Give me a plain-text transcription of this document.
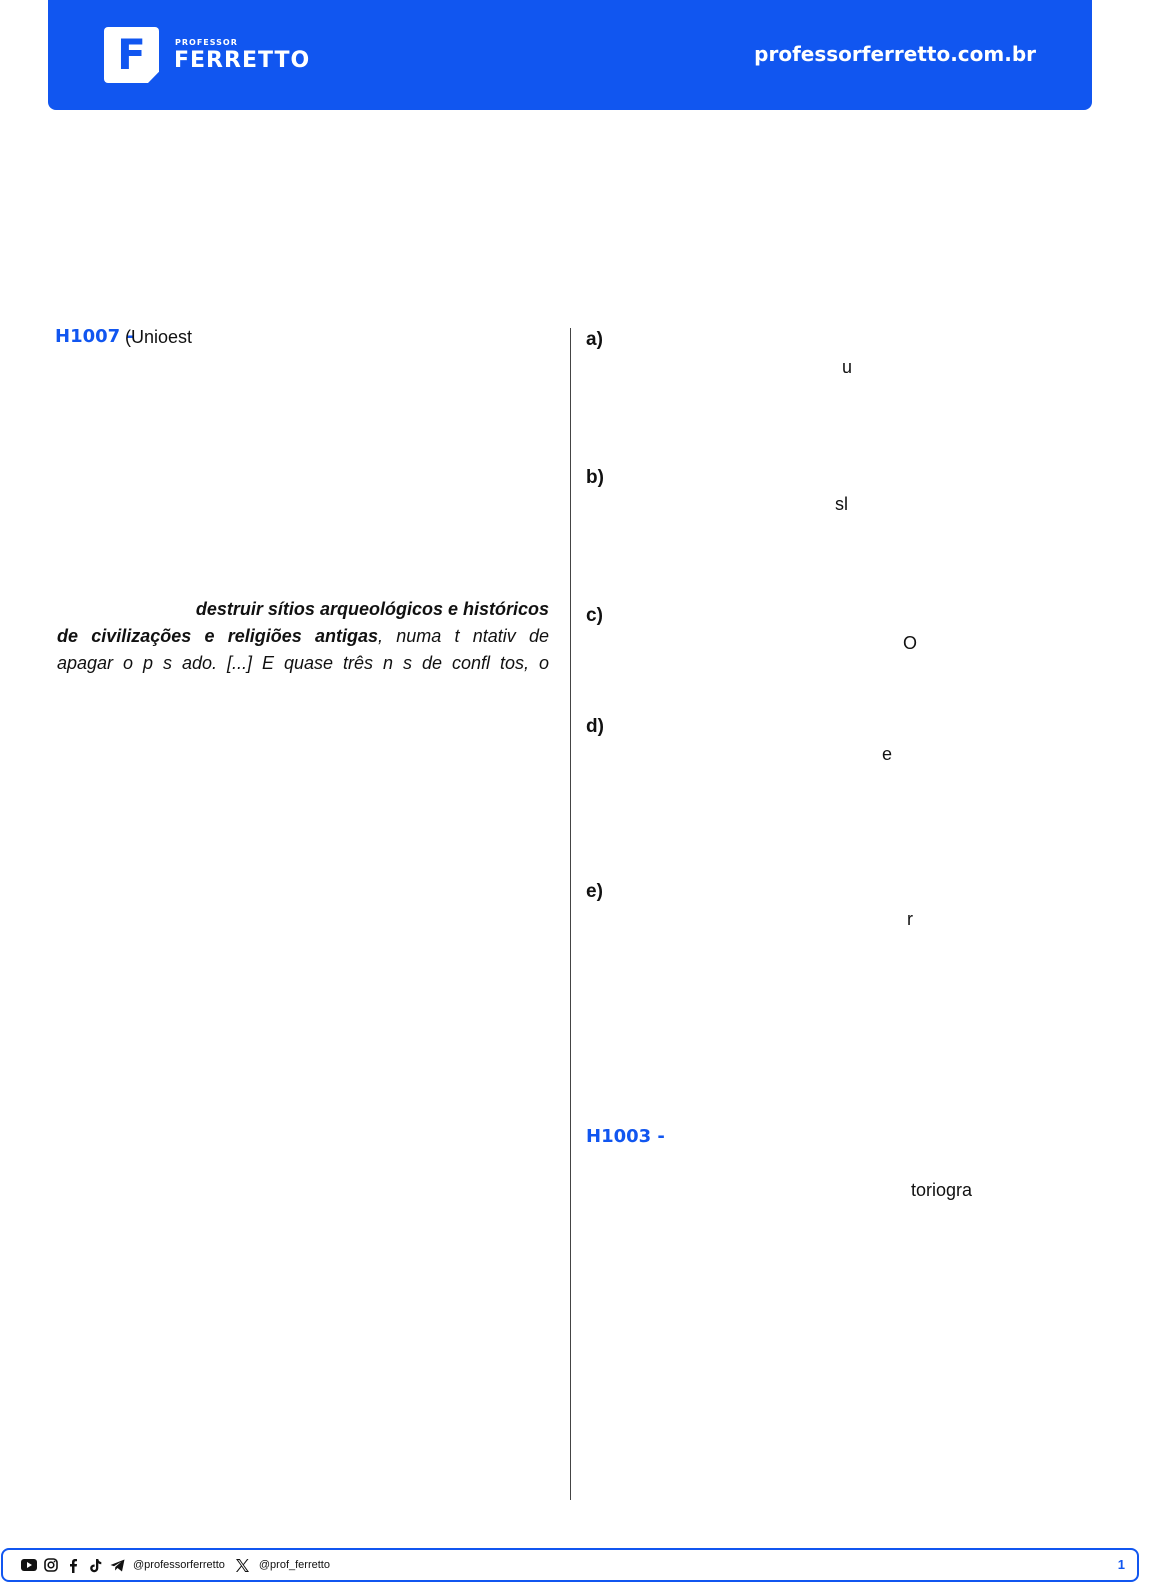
F	PROFESSOR
FERRETTO	professorferretto.com.br
H1007 -
(Unioest
destruir sítios arqueológicos e históricos
de civilizações e religiões antigas, numa t ntativ de
apagar o p s ado. [...] E quase três n s de confl tos, o
a)
u
b)
sl
c)
O
d)
e
e)
r
H1003 -
toriogra
@professorferretto	@prof_ferretto	1
